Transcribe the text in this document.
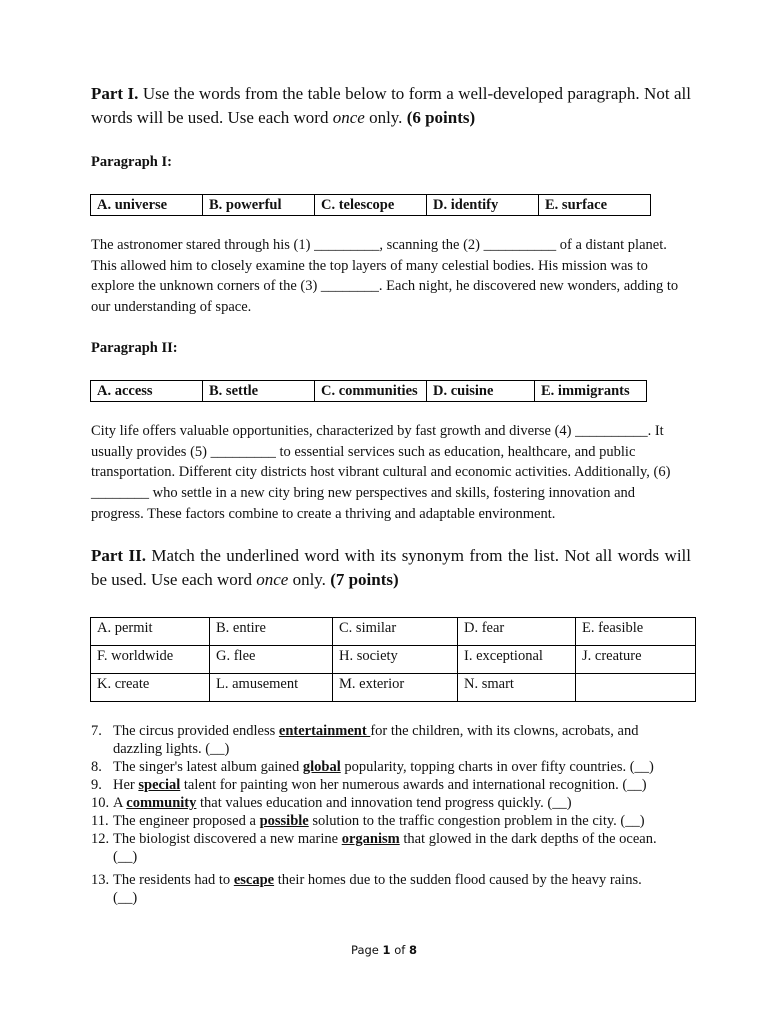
Part I. Use the words from the table below to form a well-developed paragraph. Not all words will be used. Use each word once only. (6 points)
Paragraph I:
A. universe	B. powerful	C. telescope	D. identify	E. surface
The astronomer stared through his (1) _________, scanning the (2) __________ of a distant planet. This allowed him to closely examine the top layers of many celestial bodies. His mission was to explore the unknown corners of the (3) ________. Each night, he discovered new wonders, adding to our understanding of space.
Paragraph II:
A. access	B. settle	C. communities	D. cuisine	E. immigrants
City life offers valuable opportunities, characterized by fast growth and diverse (4) __________. It usually provides (5) _________ to essential services such as education, healthcare, and public transportation. Different city districts host vibrant cultural and economic activities. Additionally, (6) ________ who settle in a new city bring new perspectives and skills, fostering innovation and progress. These factors combine to create a thriving and adaptable environment.
Part II. Match the underlined word with its synonym from the list. Not all words will be used. Use each word once only. (7 points)
A. permit	B. entire	C. similar	D. fear	E. feasible
F. worldwide	G. flee	H. society	I. exceptional	J. creature
K. create	L. amusement	M. exterior	N. smart	
7. The circus provided endless entertainment for the children, with its clowns, acrobats, and
dazzling lights. (__)
8. The singer's latest album gained global popularity, topping charts in over fifty countries. (__)
9. Her special talent for painting won her numerous awards and international recognition. (__)
10. A community that values education and innovation tend progress quickly. (__)
11. The engineer proposed a possible solution to the traffic congestion problem in the city. (__)
12. The biologist discovered a new marine organism that glowed in the dark depths of the ocean.
(__)
13. The residents had to escape their homes due to the sudden flood caused by the heavy rains.
(__)
Page 1 of 8
